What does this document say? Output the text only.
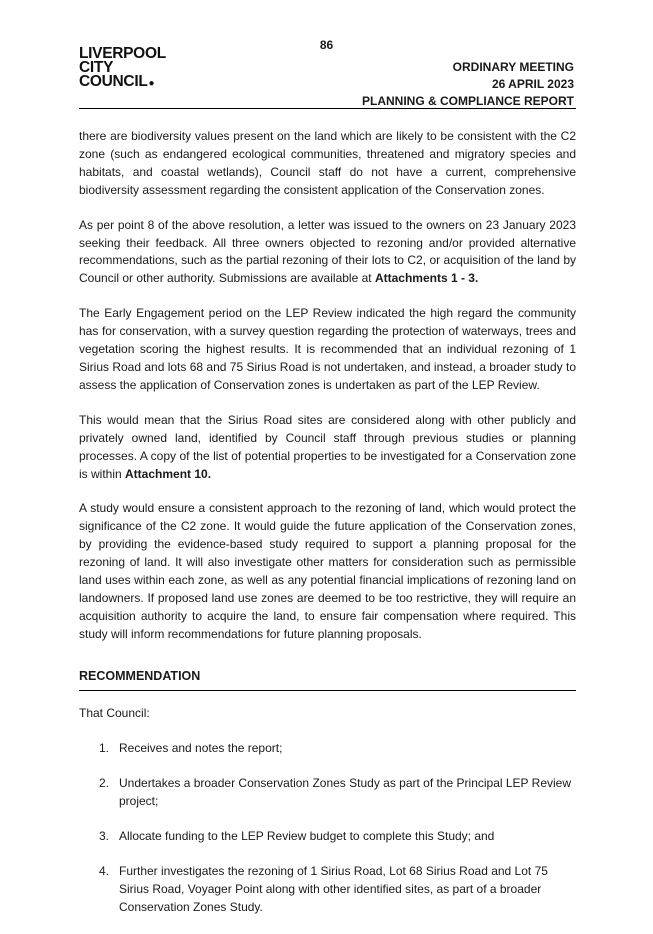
86
LIVERPOOL
CITY
COUNCIL●
ORDINARY MEETING
26 APRIL 2023
PLANNING & COMPLIANCE REPORT

there are biodiversity values present on the land which are likely to be consistent with the C2 zone (such as endangered ecological communities, threatened and migratory species and habitats, and coastal wetlands), Council staff do not have a current, comprehensive biodiversity assessment regarding the consistent application of the Conservation zones.

As per point 8 of the above resolution, a letter was issued to the owners on 23 January 2023 seeking their feedback. All three owners objected to rezoning and/or provided alternative recommendations, such as the partial rezoning of their lots to C2, or acquisition of the land by Council or other authority. Submissions are available at Attachments 1 - 3.

The Early Engagement period on the LEP Review indicated the high regard the community has for conservation, with a survey question regarding the protection of waterways, trees and vegetation scoring the highest results. It is recommended that an individual rezoning of 1 Sirius Road and lots 68 and 75 Sirius Road is not undertaken, and instead, a broader study to assess the application of Conservation zones is undertaken as part of the LEP Review.

This would mean that the Sirius Road sites are considered along with other publicly and privately owned land, identified by Council staff through previous studies or planning processes. A copy of the list of potential properties to be investigated for a Conservation zone is within Attachment 10.

A study would ensure a consistent approach to the rezoning of land, which would protect the significance of the C2 zone. It would guide the future application of the Conservation zones, by providing the evidence-based study required to support a planning proposal for the rezoning of land. It will also investigate other matters for consideration such as permissible land uses within each zone, as well as any potential financial implications of rezoning land on landowners. If proposed land use zones are deemed to be too restrictive, they will require an acquisition authority to acquire the land, to ensure fair compensation where required. This study will inform recommendations for future planning proposals.

RECOMMENDATION
That Council:
1. Receives and notes the report;
2. Undertakes a broader Conservation Zones Study as part of the Principal LEP Review project;
3. Allocate funding to the LEP Review budget to complete this Study; and
4. Further investigates the rezoning of 1 Sirius Road, Lot 68 Sirius Road and Lot 75 Sirius Road, Voyager Point along with other identified sites, as part of a broader Conservation Zones Study.
